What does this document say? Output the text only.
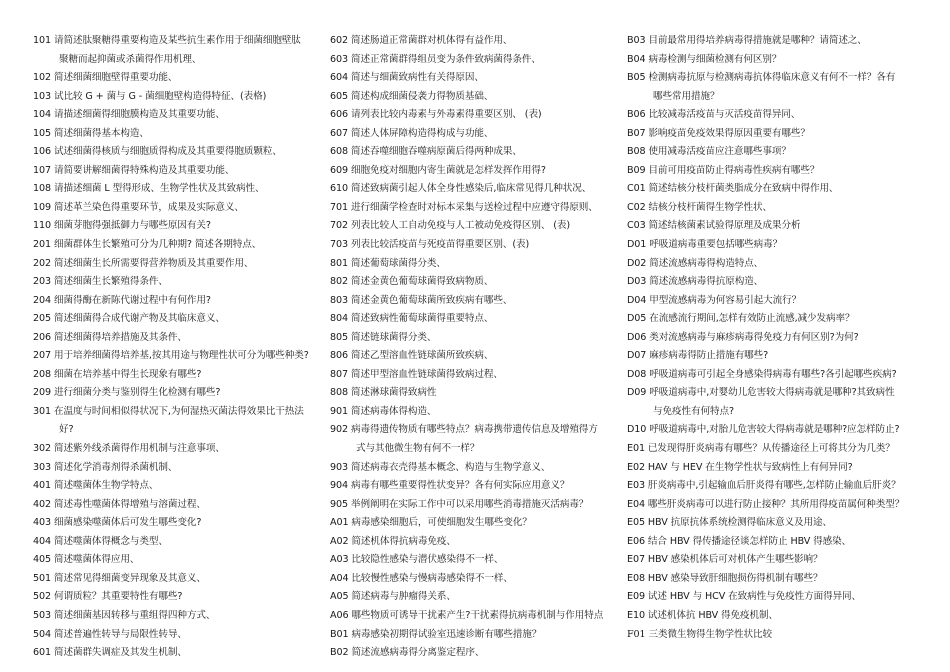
101 请简述肽聚糖得重要构造及某些抗生素作用于细菌细胞壁肽
聚糖而起抑菌或杀菌得作用机理、
102 简述细菌细胞壁得重要功能、
103 试比较 G + 菌与 G - 菌细胞壁构造得特征、(表格)
104 请描述细菌得细胞膜构造及其重要功能、
105 简述细菌得基本构造、
106 试述细菌得核质与细胞质得构成及其重要得胞质颗粒、
107 请简要讲解细菌得特殊构造及其重要功能、
108 请描述细菌 L 型得形成、生物学性状及其致病性、
109 简述革兰染色得重要环节，成果及实际意义、
110 细菌芽胞得强抵御力与哪些原因有关?
201 细菌群体生长繁殖可分为几种期? 简述各期特点、
202 简述细菌生长所需要得营养物质及其重要作用、
203 简述细菌生长繁殖得条件、
204 细菌得酶在新陈代谢过程中有何作用?
205 简述细菌得合成代谢产物及其临床意义、
206 简述细菌得培养措施及其条件、
207 用于培养细菌得培养基,按其用途与物理性状可分为哪些种类?
208 细菌在培养基中得生长现象有哪些?
209 进行细菌分类与鉴别得生化检测有哪些?
301 在温度与时间相似得状况下,为何湿热灭菌法得效果比干热法
好?
302 简述紫外线杀菌得作用机制与注意事项、
303 简述化学消毒剂得杀菌机制、
401 简述噬菌体生物学特点、
402 简述毒性噬菌体得增殖与溶菌过程、
403 细菌感染噬菌体后可发生哪些变化?
404 简述噬菌体得概念与类型、
405 简述噬菌体得应用、
501 简述常见得细菌变异现象及其意义、
502 何谓质粒？其重要特性有哪些?
503 简述细菌基因转移与重组得四种方式、
504 简述普遍性转导与局限性转导、
601 简述菌群失调症及其发生机制、
602 简述肠道正常菌群对机体得有益作用、
603 简述正常菌群得组员变为条件致病菌得条件、
604 简述与细菌致病性有关得原因、
605 简述构成细菌侵袭力得物质基础、
606 请列表比较内毒素与外毒素得重要区别、 (表)
607 简述人体屏障构造得构成与功能、
608 简述吞噬细胞吞噬病原菌后得两种成果、
609 细胞免疫对细胞内寄生菌就是怎样发挥作用得?
610 简述致病菌引起人体全身性感染后,临床常见得几种状况、
701 进行细菌学检查时对标本采集与送检过程中应遵守得原则、
702 列表比较人工自动免疫与人工被动免疫得区别、 (表)
703 列表比较活疫苗与死疫苗得重要区别、(表)
801 简述葡萄球菌得分类、
802 简述金黄色葡萄球菌得致病物质、
803 简述金黄色葡萄球菌所致疾病有哪些、
804 简述致病性葡萄球菌得重要特点、
805 简述链球菌得分类、
806 简述乙型溶血性链球菌所致疾病、
807 简述甲型溶血性链球菌得致病过程、
808 简述淋球菌得致病性
901 简述病毒体得构造、
902 病毒得遗传物质有哪些特点？病毒携带遗传信息及增殖得方
式与其他微生物有何不一样？
903 简述病毒衣壳得基本概念、构造与生物学意义、
904 病毒有哪些重要得性状变异？各有何实际应用意义？
905 举例阐明在实际工作中可以采用哪些消毒措施灭活病毒？
A01 病毒感染细胞后，可使细胞发生哪些变化？
A02 简述机体得抗病毒免疫、
A03 比较隐性感染与潜伏感染得不一样、
A04 比较慢性感染与慢病毒感染得不一样、
A05 简述病毒与肿瘤得关系、
A06 哪些物质可诱导干扰素产生?干扰素得抗病毒机制与作用特点
B01 病毒感染初期得试验室迅速诊断有哪些措施？
B02 简述流感病毒得分离鉴定程序、
B03 目前最常用得培养病毒得措施就是哪种？请简述之、
B04 病毒检测与细菌检测有何区别？
B05 检测病毒抗原与检测病毒抗体得临床意义有何不一样？各有
哪些常用措施？
B06 比较减毒活疫苗与灭活疫苗得异同、
B07 影响疫苗免疫效果得原因重要有哪些？
B08 使用减毒活疫苗应注意哪些事项？
B09 目前可用疫苗防止得病毒性疾病有哪些？
C01 简述结核分枝杆菌类脂成分在致病中得作用、
C02 结核分枝杆菌得生物学性状、
C03 简述结核菌素试验得原理及成果分析
D01 呼吸道病毒重要包括哪些病毒？
D02 简述流感病毒得构造特点、
D03 简述流感病毒得抗原构造、
D04 甲型流感病毒为何容易引起大流行？
D05 在流感流行期间,怎样有效防止流感,减少发病率？
D06 类对流感病毒与麻疹病毒得免疫力有何区别?为何?
D07 麻疹病毒得防止措施有哪些?
D08 呼吸道病毒可引起全身感染得病毒有哪些?各引起哪些疾病?
D09 呼吸道病毒中,对婴幼儿危害较大得病毒就是哪种?其致病性
与免疫性有何特点?
D10 呼吸道病毒中,对胎儿危害较大得病毒就是哪种?应怎样防止?
E01 已发现得肝炎病毒有哪些？从传播途径上可将其分为几类？
E02 HAV 与 HEV 在生物学性状与致病性上有何异同?
E03 肝炎病毒中,引起输血后肝炎得有哪些,怎样防止输血后肝炎？
E04 哪些肝炎病毒可以进行防止接种？其所用得疫苗属何种类型？
E05 HBV 抗原抗体系统检测得临床意义及用途、
E06 结合 HBV 得传播途径谈怎样防止 HBV 得感染、
E07 HBV 感染机体后可对机体产生哪些影响？
E08 HBV 感染导致肝细胞损伤得机制有哪些？
E09 试述 HBV 与 HCV 在致病性与免疫性方面得异同、
E10 试述机体抗 HBV 得免疫机制、
F01 三类微生物得生物学性状比较
